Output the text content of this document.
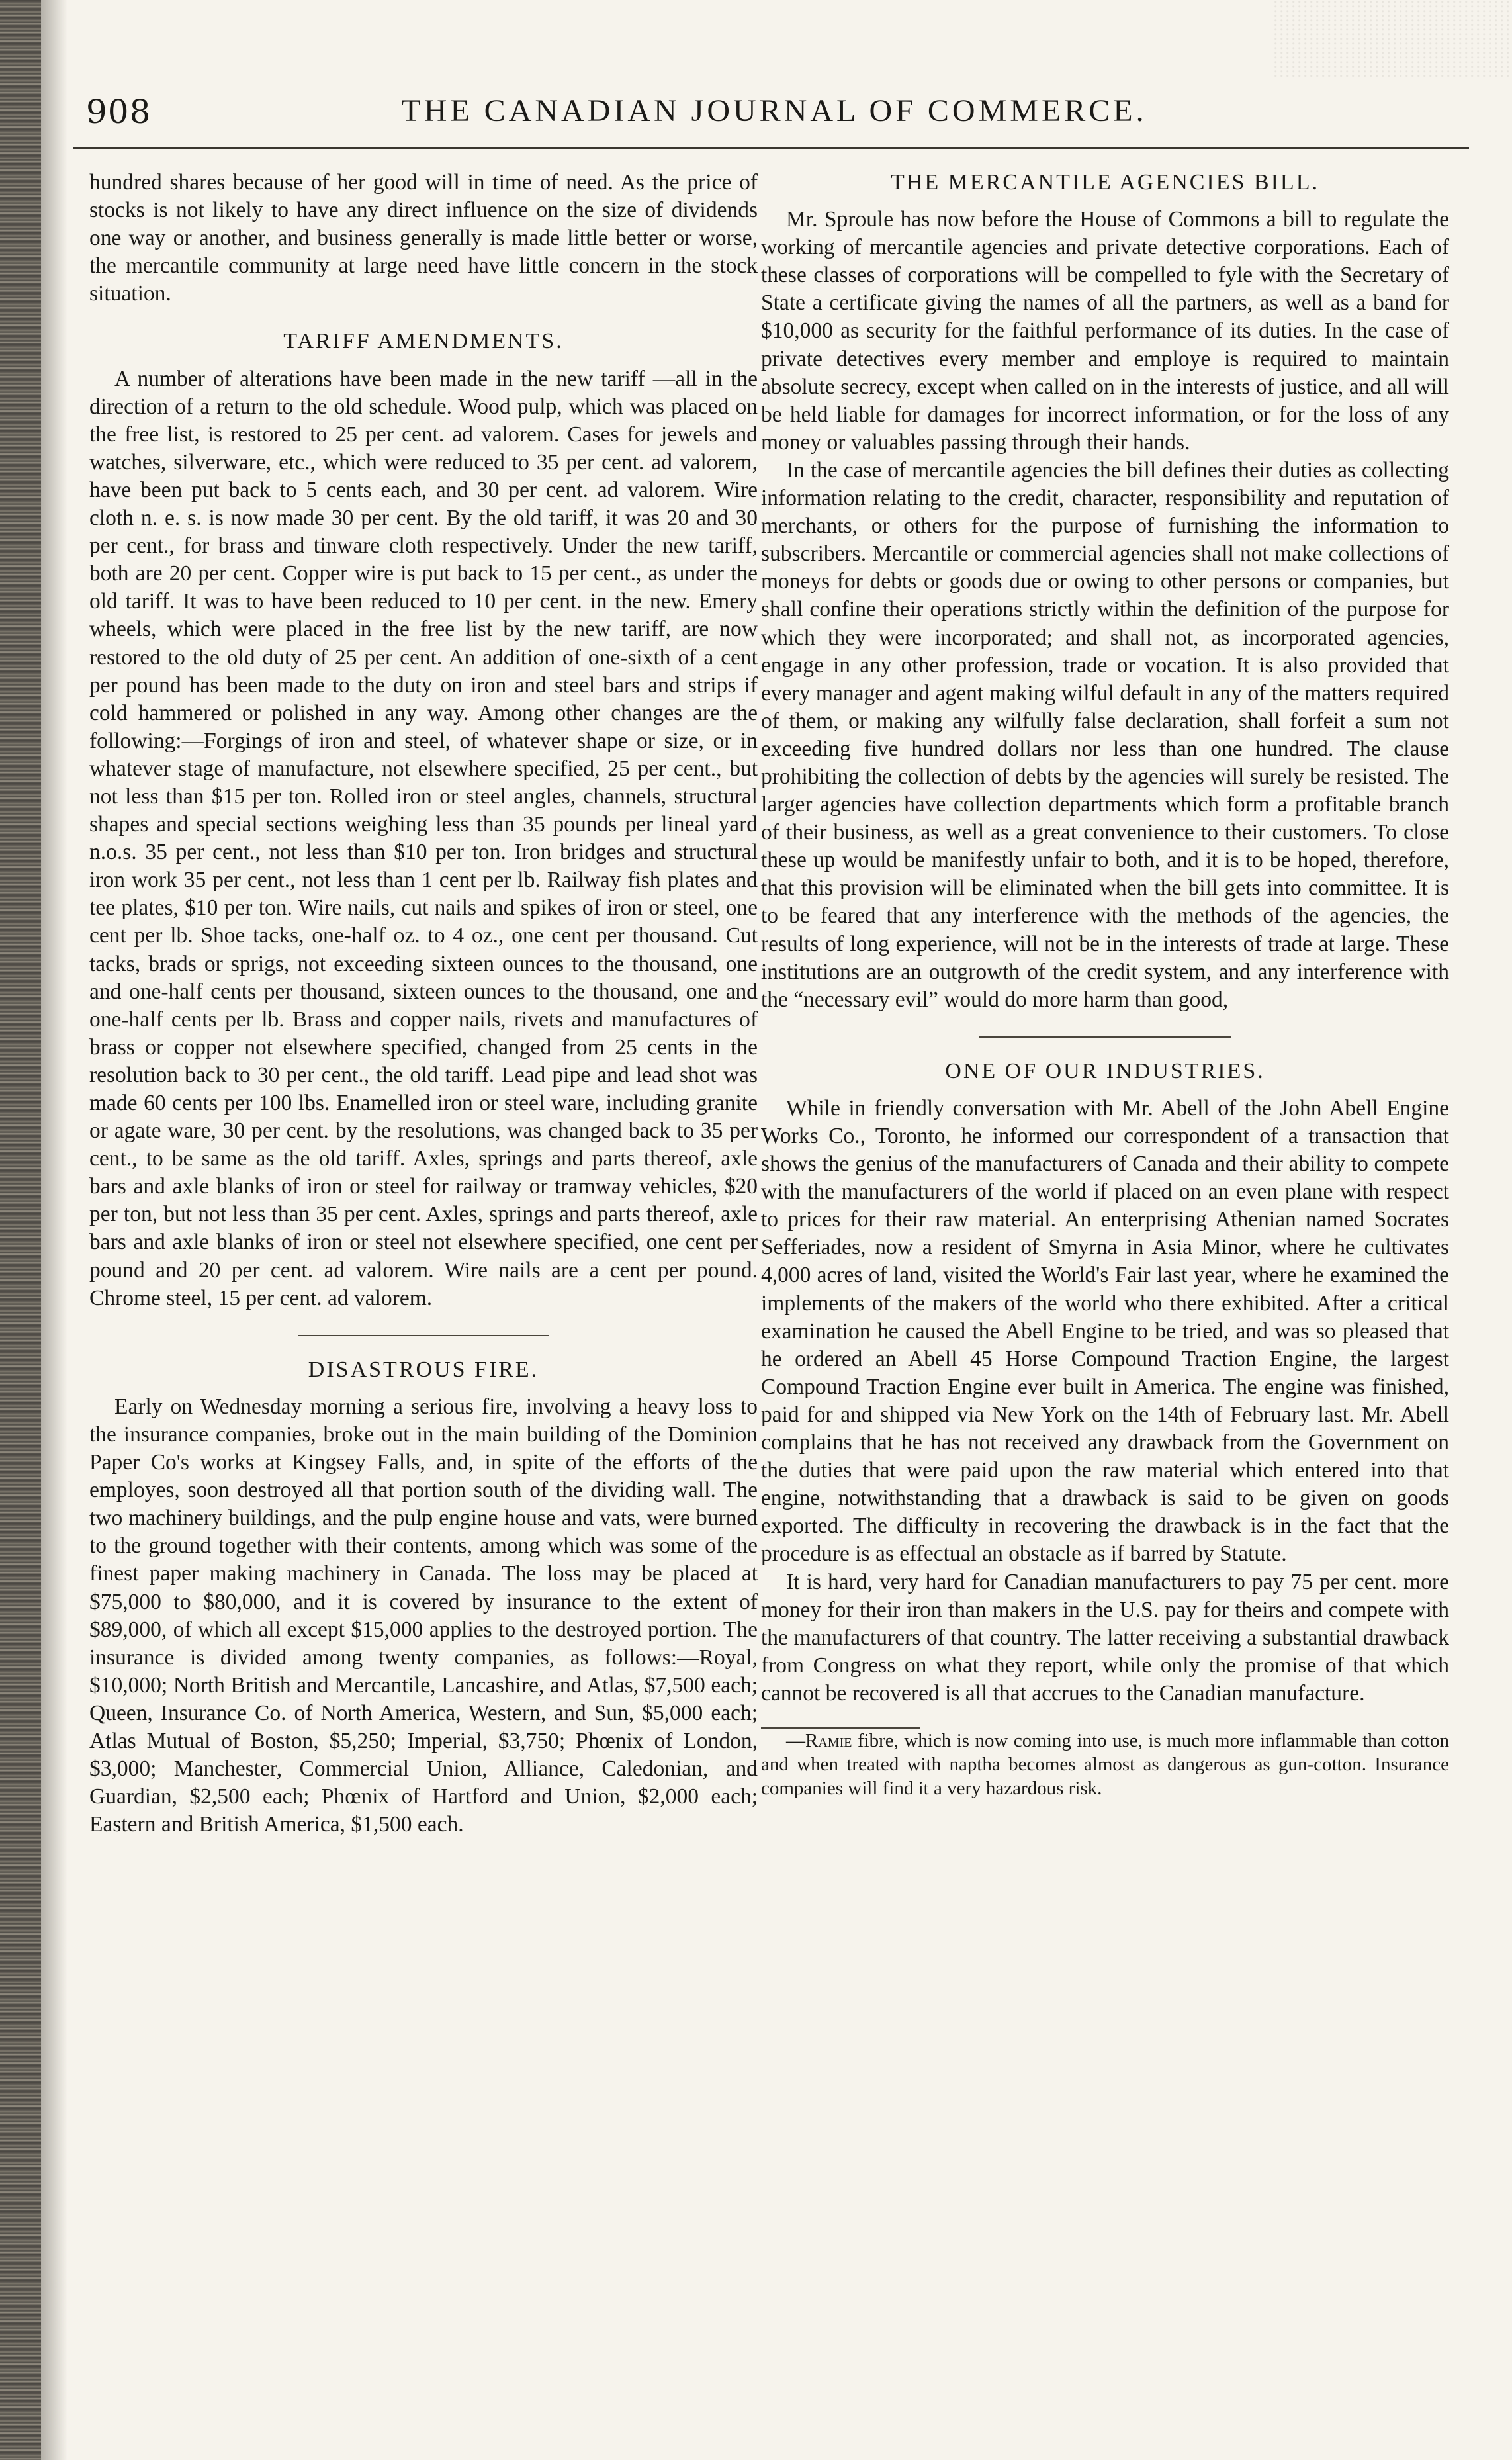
908	THE CANADIAN JOURNAL OF COMMERCE.

hundred shares because of her good will in time of need. As the price of stocks is not likely to have any direct influence on the size of dividends one way or another, and business generally is made little better or worse, the mercantile community at large need have little concern in the stock situation.

TARIFF AMENDMENTS.

A number of alterations have been made in the new tariff —all in the direction of a return to the old schedule. Wood pulp, which was placed on the free list, is restored to 25 per cent. ad valorem. Cases for jewels and watches, silverware, etc., which were reduced to 35 per cent. ad valorem, have been put back to 5 cents each, and 30 per cent. ad valorem. Wire cloth n. e. s. is now made 30 per cent. By the old tariff, it was 20 and 30 per cent., for brass and tinware cloth respectively. Under the new tariff, both are 20 per cent. Copper wire is put back to 15 per cent., as under the old tariff. It was to have been reduced to 10 per cent. in the new. Emery wheels, which were placed in the free list by the new tariff, are now restored to the old duty of 25 per cent. An addition of one-sixth of a cent per pound has been made to the duty on iron and steel bars and strips if cold hammered or polished in any way. Among other changes are the following:—Forgings of iron and steel, of whatever shape or size, or in whatever stage of manufacture, not elsewhere specified, 25 per cent., but not less than $15 per ton. Rolled iron or steel angles, channels, structural shapes and special sections weighing less than 35 pounds per lineal yard n.o.s. 35 per cent., not less than $10 per ton. Iron bridges and structural iron work 35 per cent., not less than 1 cent per lb. Railway fish plates and tee plates, $10 per ton. Wire nails, cut nails and spikes of iron or steel, one cent per lb. Shoe tacks, one-half oz. to 4 oz., one cent per thousand. Cut tacks, brads or sprigs, not exceeding sixteen ounces to the thousand, one and one-half cents per thousand, sixteen ounces to the thousand, one and one-half cents per lb. Brass and copper nails, rivets and manufactures of brass or copper not elsewhere specified, changed from 25 cents in the resolution back to 30 per cent., the old tariff. Lead pipe and lead shot was made 60 cents per 100 lbs. Enamelled iron or steel ware, including granite or agate ware, 30 per cent. by the resolutions, was changed back to 35 per cent., to be same as the old tariff. Axles, springs and parts thereof, axle bars and axle blanks of iron or steel for railway or tramway vehicles, $20 per ton, but not less than 35 per cent. Axles, springs and parts thereof, axle bars and axle blanks of iron or steel not elsewhere specified, one cent per pound and 20 per cent. ad valorem. Wire nails are a cent per pound. Chrome steel, 15 per cent. ad valorem.

DISASTROUS FIRE.

Early on Wednesday morning a serious fire, involving a heavy loss to the insurance companies, broke out in the main building of the Dominion Paper Co's works at Kingsey Falls, and, in spite of the efforts of the employes, soon destroyed all that portion south of the dividing wall. The two machinery buildings, and the pulp engine house and vats, were burned to the ground together with their contents, among which was some of the finest paper making machinery in Canada. The loss may be placed at $75,000 to $80,000, and it is covered by insurance to the extent of $89,000, of which all except $15,000 applies to the destroyed portion. The insurance is divided among twenty companies, as follows:—Royal, $10,000; North British and Mercantile, Lancashire, and Atlas, $7,500 each; Queen, Insurance Co. of North America, Western, and Sun, $5,000 each; Atlas Mutual of Boston, $5,250; Imperial, $3,750; Phœnix of London, $3,000; Manchester, Commercial Union, Alliance, Caledonian, and Guardian, $2,500 each; Phœnix of Hartford and Union, $2,000 each; Eastern and British America, $1,500 each.

THE MERCANTILE AGENCIES BILL.

Mr. Sproule has now before the House of Commons a bill to regulate the working of mercantile agencies and private detective corporations. Each of these classes of corporations will be compelled to fyle with the Secretary of State a certificate giving the names of all the partners, as well as a band for $10,000 as security for the faithful performance of its duties. In the case of private detectives every member and employe is required to maintain absolute secrecy, except when called on in the interests of justice, and all will be held liable for damages for incorrect information, or for the loss of any money or valuables passing through their hands.

In the case of mercantile agencies the bill defines their duties as collecting information relating to the credit, character, responsibility and reputation of merchants, or others for the purpose of furnishing the information to subscribers. Mercantile or commercial agencies shall not make collections of moneys for debts or goods due or owing to other persons or companies, but shall confine their operations strictly within the definition of the purpose for which they were incorporated; and shall not, as incorporated agencies, engage in any other profession, trade or vocation. It is also provided that every manager and agent making wilful default in any of the matters required of them, or making any wilfully false declaration, shall forfeit a sum not exceeding five hundred dollars nor less than one hundred. The clause prohibiting the collection of debts by the agencies will surely be resisted. The larger agencies have collection departments which form a profitable branch of their business, as well as a great convenience to their customers. To close these up would be manifestly unfair to both, and it is to be hoped, therefore, that this provision will be eliminated when the bill gets into committee. It is to be feared that any interference with the methods of the agencies, the results of long experience, will not be in the interests of trade at large. These institutions are an outgrowth of the credit system, and any interference with the “necessary evil” would do more harm than good,

ONE OF OUR INDUSTRIES.

While in friendly conversation with Mr. Abell of the John Abell Engine Works Co., Toronto, he informed our correspondent of a transaction that shows the genius of the manufacturers of Canada and their ability to compete with the manufacturers of the world if placed on an even plane with respect to prices for their raw material. An enterprising Athenian named Socrates Sefferiades, now a resident of Smyrna in Asia Minor, where he cultivates 4,000 acres of land, visited the World's Fair last year, where he examined the implements of the makers of the world who there exhibited. After a critical examination he caused the Abell Engine to be tried, and was so pleased that he ordered an Abell 45 Horse Compound Traction Engine, the largest Compound Traction Engine ever built in America. The engine was finished, paid for and shipped via New York on the 14th of February last. Mr. Abell complains that he has not received any drawback from the Government on the duties that were paid upon the raw material which entered into that engine, notwithstanding that a drawback is said to be given on goods exported. The difficulty in recovering the drawback is in the fact that the procedure is as effectual an obstacle as if barred by Statute.

It is hard, very hard for Canadian manufacturers to pay 75 per cent. more money for their iron than makers in the U.S. pay for theirs and compete with the manufacturers of that country. The latter receiving a substantial drawback from Congress on what they report, while only the promise of that which cannot be recovered is all that accrues to the Canadian manufacture.

—Ramie fibre, which is now coming into use, is much more inflammable than cotton and when treated with naptha becomes almost as dangerous as gun-cotton. Insurance companies will find it a very hazardous risk.
